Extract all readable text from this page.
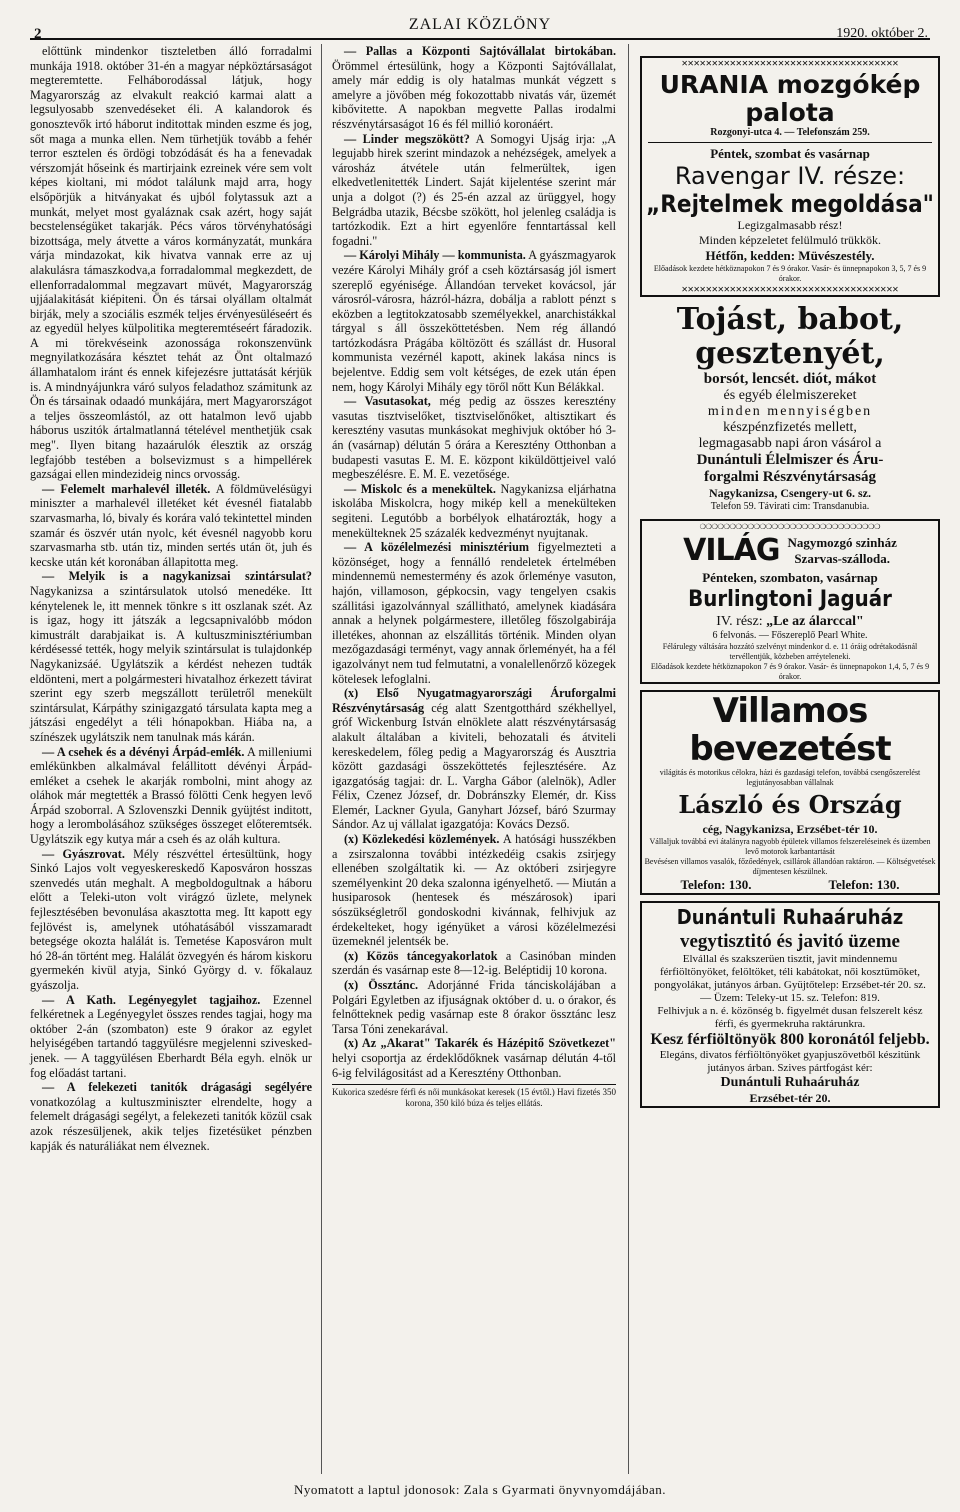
2
ZALAI KÖZLÖNY
1920. október 2.

előttünk mindenkor tiszteletben álló forradalmi munkája 1918. október 31-én a magyar népköztársaságot megteremtette. Felháborodással látjuk, hogy Magyarország az elvakult reakció karmai alatt a legsulyosabb szenvedéseket éli. A kalandorok és gonosztevők irtó háborut inditottak minden eszme és jog, sőt maga a munka ellen. Nem türhetjük tovább a fehér terror esztelen és ördögi tobzódását és ha a fenevadak vérszomját hőseink és martirjaink ezreinek vére sem volt képes kioltani, mi módot találunk majd arra, hogy elsőpörjük a hitványakat és ujból folytassuk azt a munkát, melyet most gyaláznak csak azért, hogy saját becstelenségüket takarják. Pécs város törvényhatósági bizottsága, mely átvette a város kormányzatát, munkára várja mindazokat, kik hivatva vannak erre az uj alakulásra támaszkodva,a forradalommal megkezdett, de ellenforradalommal megzavart müvét, Magyarország ujjáalakitását kiépiteni. Ön és társai olyállam oltalmát birják, mely a szociális eszmék teljes érvényesüléseért és az egyedül helyes külpolitika megteremtéseért fáradozik. A mi törekvéseink azonossága rokonszenvünk megnyilatkozására késztet tehát az Önt oltalmazó államhatalom iránt és ennek kifejezésre juttatását kérjük is. A mindnyájunkra váró sulyos feladathoz számitunk az Ön és társainak odaadó munkájára, mert Magyarországot a teljes összeomlástól, az ott hatalmon levő ujabb háborus uszitók ártalmatlanná tételével menthetjük csak meg". Ilyen bitang hazaárulók élesztik az ország legfajóbb testében a bolsevizmust s a himpellérek gazságai ellen mindezideig nincs orvosság.

— Felemelt marhalevél illeték. A földmüvelésügyi miniszter a marhalevél illetéket két évesnél fiatalabb szarvasmarha, ló, bivaly és korára való tekintettel minden szamár és öszvér után nyolc, két évesnél nagyobb koru szarvasmarha stb. után tiz, minden sertés után öt, juh és kecske után két koronában állapitotta meg.

— Melyik is a nagykanizsai szintársulat? Nagykanizsa a szintársulatok utolsó menedéke. Itt kénytelenek le, itt mennek tönkre s itt oszlanak szét. Az is igaz, hogy itt játszák a legcsapnivalóbb módon kimustrált darabjaikat is. A kultuszminisztériumban kérdésessé tették, hogy melyik szintársulat is tulajdonkép Nagykanizsáé. Ugylátszik a kérdést nehezen tudták eldönteni, mert a polgármesteri hivatalhoz érkezett távirat szerint egy szerb megszállott területről menekült szintársulat, Kárpáthy szinigazgató társulata kapta meg a játszási engedélyt a téli hónapokban. Hiába na, a színészek ugylátszik nem tanulnak más kárán.

— A csehek és a dévényi Árpád-emlék. A milleniumi emlékünkben alkalmával felállitott dévényi Árpád-emléket a csehek le akarják rombolni, mint ahogy az oláhok már megtették a Brassó fölötti Cenk hegyen levő Árpád szoborral. A Szlovenszki Dennik gyüjtést inditott, hogy a lerombolásához szükséges összeget előteremtsék. Ugylátszik egy kutya már a cseh és az oláh kultura.

— Gyászrovat. Mély részvéttel értesültünk, hogy Sinkó Lajos volt vegyeskereskedő Kaposváron hosszas szenvedés után meghalt. A megboldogultnak a háboru előtt a Teleki-uton volt virágzó üzlete, melynek fejlesztésében bevonulása akasztotta meg. Itt kapott egy fejlövést is, amelynek utóhatásából visszamaradt betegsége okozta halálát is. Temetése Kaposváron mult hó 28-án történt meg. Halálát özvegyén és három kiskoru gyermekén kivül atyja, Sinkó György d. v. főkalauz gyászolja.

— A Kath. Legényegylet tagjaihoz. Ezennel felkéretnek a Legényegylet összes rendes tagjai, hogy ma október 2-án (szombaton) este 9 órakor az egylet helyiségében tartandó taggyülésre megjelenni sziveskedjenek. — A taggyülésen Eberhardt Béla egyh. elnök ur fog előadást tartani.

— A felekezeti tanitók drágasági segélyére vonatkozólag a kultuszminiszter elrendelte, hogy a felemelt drágasági segélyt, a felekezeti tanitók közül csak azok részesüljenek, akik teljes fizetésüket pénzben kapják és naturáliákat nem élveznek.

— Pallas a Központi Sajtóvállalat birtokában. Örömmel értesülünk, hogy a Központi Sajtóvállalat, amely már eddig is oly hatalmas munkát végzett s amelyre a jövőben még fokozottabb nivatás vár, üzemét kibővitette. A napokban megvette Pallas irodalmi részvénytársaságot 16 és fél millió koronáért.

— Linder megszökött? A Somogyi Ujság irja: „A legujabb hirek szerint mindazok a nehézségek, amelyek a városház átvétele után felmerültek, igen elkedvetlenitették Lindert. Saját kijelentése szerint már unja a dolgot (?) és 25-én azzal az ürüggyel, hogy Belgrádba utazik, Bécsbe szökött, hol jelenleg családja is tartózkodik. Ezt a hirt egyenlőre fenntartással kell fogadni."

— Károlyi Mihály — kommunista. A gyászmagyarok vezére Károlyi Mihály gróf a cseh köztársaság jól ismert szereplő egyénisége. Állandóan terveket kovácsol, jár városról-városra, házról-házra, dobálja a rablott pénzt s eközben a legtitokzatosabb személyekkel, anarchistákkal tárgyal s áll összeköttetésben. Nem rég állandó tartózkodásra Prágába költözött és szállást dr. Husoral kommunista vezérnél kapott, akinek lakása nincs is bejelentve. Eddig sem volt kétséges, de ezek után épen nem, hogy Károlyi Mihály egy töről nőtt Kun Bélákkal.

— Vasutasokat, még pedig az összes keresztény vasutas tisztviselőket, tisztviselőnőket, altisztikart és keresztény vasutas munkásokat meghivjuk október hó 3-án (vasárnap) délután 5 órára a Keresztény Otthonban a budapesti vasutas E. M. E. központ kiküldöttjeivel való megbeszélésre. E. M. E. vezetősége.

— Miskolc és a menekültek. Nagykanizsa eljárhatna iskolába Miskolcra, hogy mikép kell a menekülteken segiteni. Legutóbb a borbélyok elhatározták, hogy a menekülteknek 25 százalék kedvezményt nyujtanak.

— A közélelmezési minisztérium figyelmezteti a közönséget, hogy a fennálló rendeletek értelmében mindennemü nemestermény és azok őrleménye vasuton, hajón, villamoson, gépkocsin, vagy tengelyen csakis szállitási igazolvánnyal szállitható, amelynek kiadására annak a helynek polgármestere, illetőleg főszolgabirája illetékes, ahonnan az elszállitás történik. Minden olyan mezőgazdasági terményt, vagy annak őrleményét, ha a fél igazolványt nem tud felmutatni, a vonalellenőrző közegek kötelesek lefoglalni.

(x) Első Nyugatmagyarországi Áruforgalmi Részvénytársaság cég alatt Szentgotthárd székhellyel, gróf Wickenburg István elnöklete alatt részvénytársaság alakult általában a kiviteli, behozatali és átviteli kereskedelem, főleg pedig a Magyarország és Ausztria között gazdasági összeköttetés fejlesztésére. Az igazgatóság tagjai: dr. L. Vargha Gábor (alelnök), Adler Félix, Czenez József, dr. Dobránszky Elemér, dr. Kiss Elemér, Lackner Gyula, Ganyhart József, báró Szurmay Sándor. Az uj vállalat igazgatója: Kovács Dezső.

(x) Közlekedési közlemények. A hatósági husszékben a zsirszalonna további intézkedéig csakis zsirjegy ellenében szolgáltatik ki. — Az októberi zsirjegyre személyenkint 20 deka szalonna igényelhető. — Miután a husiparosok (hentesek és mészárosok) ipari sószükségletről gondoskodni kivánnak, felhivjuk az érdekelteket, hogy igényüket a városi közélelmezési üzemeknél jelentsék be.

(x) Közös táncegyakorlatok a Casinóban minden szerdán és vasárnap este 8—12-ig. Beléptidij 10 korona.

(x) Össztánc. Adorjánné Frida tánciskolájában a Polgári Egyletben az ifjuságnak október d. u. o órakor, és felnőtteknek pedig vasárnap este 8 órakor össztánc lesz Tarsa Tóni zenekarával.

(x) Az „Akarat" Takarék és Házépitő Szövetkezet" helyi csoportja az érdeklődőknek vasárnap délután 4-től 6-ig felvilágositást ad a Keresztény Otthonban.

Kukorica szedésre férfi és női munkásokat keresek (15 évtől.) Havi fizetés 350 korona, 350 kiló búza és teljes ellátás.
✕✕✕✕✕✕✕✕✕✕✕✕✕✕✕✕✕✕✕✕✕✕✕✕✕✕✕✕✕✕✕✕✕✕✕✕
URANIA mozgókép palota
Rozgonyi-utca 4. — Telefonszám 259.
Péntek, szombat és vasárnap
Ravengar IV. része:
„Rejtelmek megoldása"
Legizgalmasabb rész!
Minden képzeletet felülmuló trükkök.
Hétfőn, kedden: Müvészestély.
Előadások kezdete hétköznapokon 7 és 9 órakor. Vasár- és ünnepnapokon 3, 5, 7 és 9 órakor.
✕✕✕✕✕✕✕✕✕✕✕✕✕✕✕✕✕✕✕✕✕✕✕✕✕✕✕✕✕✕✕✕✕✕✕✕
Tojást, babot,
gesztenyét,
borsót, lencsét. diót, mákot
és egyéb élelmiszereket
minden mennyiségben
készpénzfizetés mellett,
legmagasabb napi áron vásárol a
Dunántuli Élelmiszer és Áru-
forgalmi Részvénytársaság
Nagykanizsa, Csengery-ut 6. sz.
Telefon 59. Távirati cim: Transdanubia.
❍❍❍❍❍❍❍❍❍❍❍❍❍❍❍❍❍❍❍❍❍❍❍❍❍❍❍❍❍❍
VILÁG Nagymozgó szinház
Szarvas-szálloda.
Pénteken, szombaton, vasárnap
Burlingtoni Jaguár
IV. rész: „Le az álarccal"
6 felvonás. — Főszereplő Pearl White.
Félárulegy váltására hozzátó szelvényt mindenkor d. e. 11 óráig odrétakodásnál tervéllentjük, közbeben arréyteleneki.
Előadások kezdete hétköznapokon 7 és 9 órakor. Vasár- és ünnepnapokon 1,4, 5, 7 és 9 órakor.
Villamos bevezetést
világitás és motorikus célokra, házi és gazdasági telefon, továbbá csengőszerelést legjutányosabban vállalnak
László és Ország
cég, Nagykanizsa, Erzsébet-tér 10.
Vállaljuk továbbá evi átalányra nagyobb épületek villamos felszereléseinek és üzemben levő motorok karbantartását
Bevésésen villamos vasalók, főzőedények, csillárok állandóan raktáron. — Költségvetések díjmentesen készülnek.
Telefon: 130.	Telefon: 130.
Dunántuli Ruhaáruház
vegytisztitó és javitó üzeme
Elvállal és szakszerüen tisztit, javit mindennemu férfiöltönyöket, felöltöket, téli kabátokat, női kosztümöket, pongyolákat, jutányos árban. Gyüjtőtelep: Erzsébet-tér 20. sz. — Üzem: Teleky-ut 15. sz. Telefon: 819.
Felhivjuk a n. é. közönség b. figyelmét dusan felszerelt kész férfi, és gyermekruha raktárunkra.
Kesz férfiöltönyök 800 koronától feljebb.
Elegáns, divatos férfiöltönyöket gyapjuszövetből készitünk jutányos árban. Szives pártfogást kér:
Dunántuli Ruhaáruház
Erzsébet-tér 20.
Nyomatott a laptul jdonosok: Zala s Gyarmati önyvnyomdájában.
